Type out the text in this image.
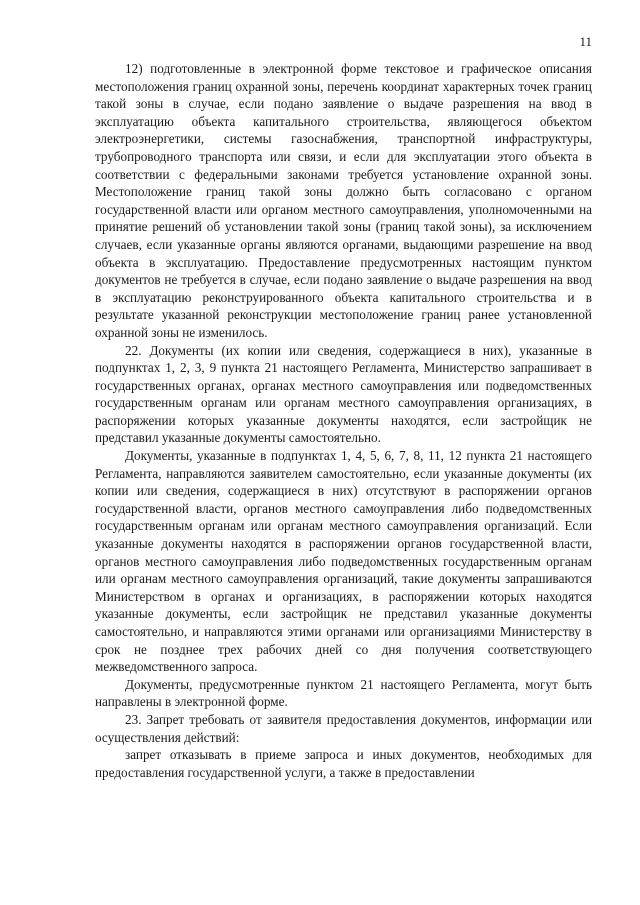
11

12) подготовленные в электронной форме текстовое и графическое описания местоположения границ охранной зоны, перечень координат характерных точек границ такой зоны в случае, если подано заявление о выдаче разрешения на ввод в эксплуатацию объекта капитального строительства, являющегося объектом электроэнергетики, системы газоснабжения, транспортной инфраструктуры, трубопроводного транспорта или связи, и если для эксплуатации этого объекта в соответствии с федеральными законами требуется установление охранной зоны. Местоположение границ такой зоны должно быть согласовано с органом государственной власти или органом местного самоуправления, уполномоченными на принятие решений об установлении такой зоны (границ такой зоны), за исключением случаев, если указанные органы являются органами, выдающими разрешение на ввод объекта в эксплуатацию. Предоставление предусмотренных настоящим пунктом документов не требуется в случае, если подано заявление о выдаче разрешения на ввод в эксплуатацию реконструированного объекта капитального строительства и в результате указанной реконструкции местоположение границ ранее установленной охранной зоны не изменилось.

22. Документы (их копии или сведения, содержащиеся в них), указанные в подпунктах 1, 2, 3, 9 пункта 21 настоящего Регламента, Министерство запрашивает в государственных органах, органах местного самоуправления или подведомственных государственным органам или органам местного самоуправления организациях, в распоряжении которых указанные документы находятся, если застройщик не представил указанные документы самостоятельно.

Документы, указанные в подпунктах 1, 4, 5, 6, 7, 8, 11, 12 пункта 21 настоящего Регламента, направляются заявителем самостоятельно, если указанные документы (их копии или сведения, содержащиеся в них) отсутствуют в распоряжении органов государственной власти, органов местного самоуправления либо подведомственных государственным органам или органам местного самоуправления организаций. Если указанные документы находятся в распоряжении органов государственной власти, органов местного самоуправления либо подведомственных государственным органам или органам местного самоуправления организаций, такие документы запрашиваются Министерством в органах и организациях, в распоряжении которых находятся указанные документы, если застройщик не представил указанные документы самостоятельно, и направляются этими органами или организациями Министерству в срок не позднее трех рабочих дней со дня получения соответствующего межведомственного запроса.

Документы, предусмотренные пунктом 21 настоящего Регламента, могут быть направлены в электронной форме.

23. Запрет требовать от заявителя предоставления документов, информации или осуществления действий:

запрет отказывать в приеме запроса и иных документов, необходимых для предоставления государственной услуги, а также в предоставлении
